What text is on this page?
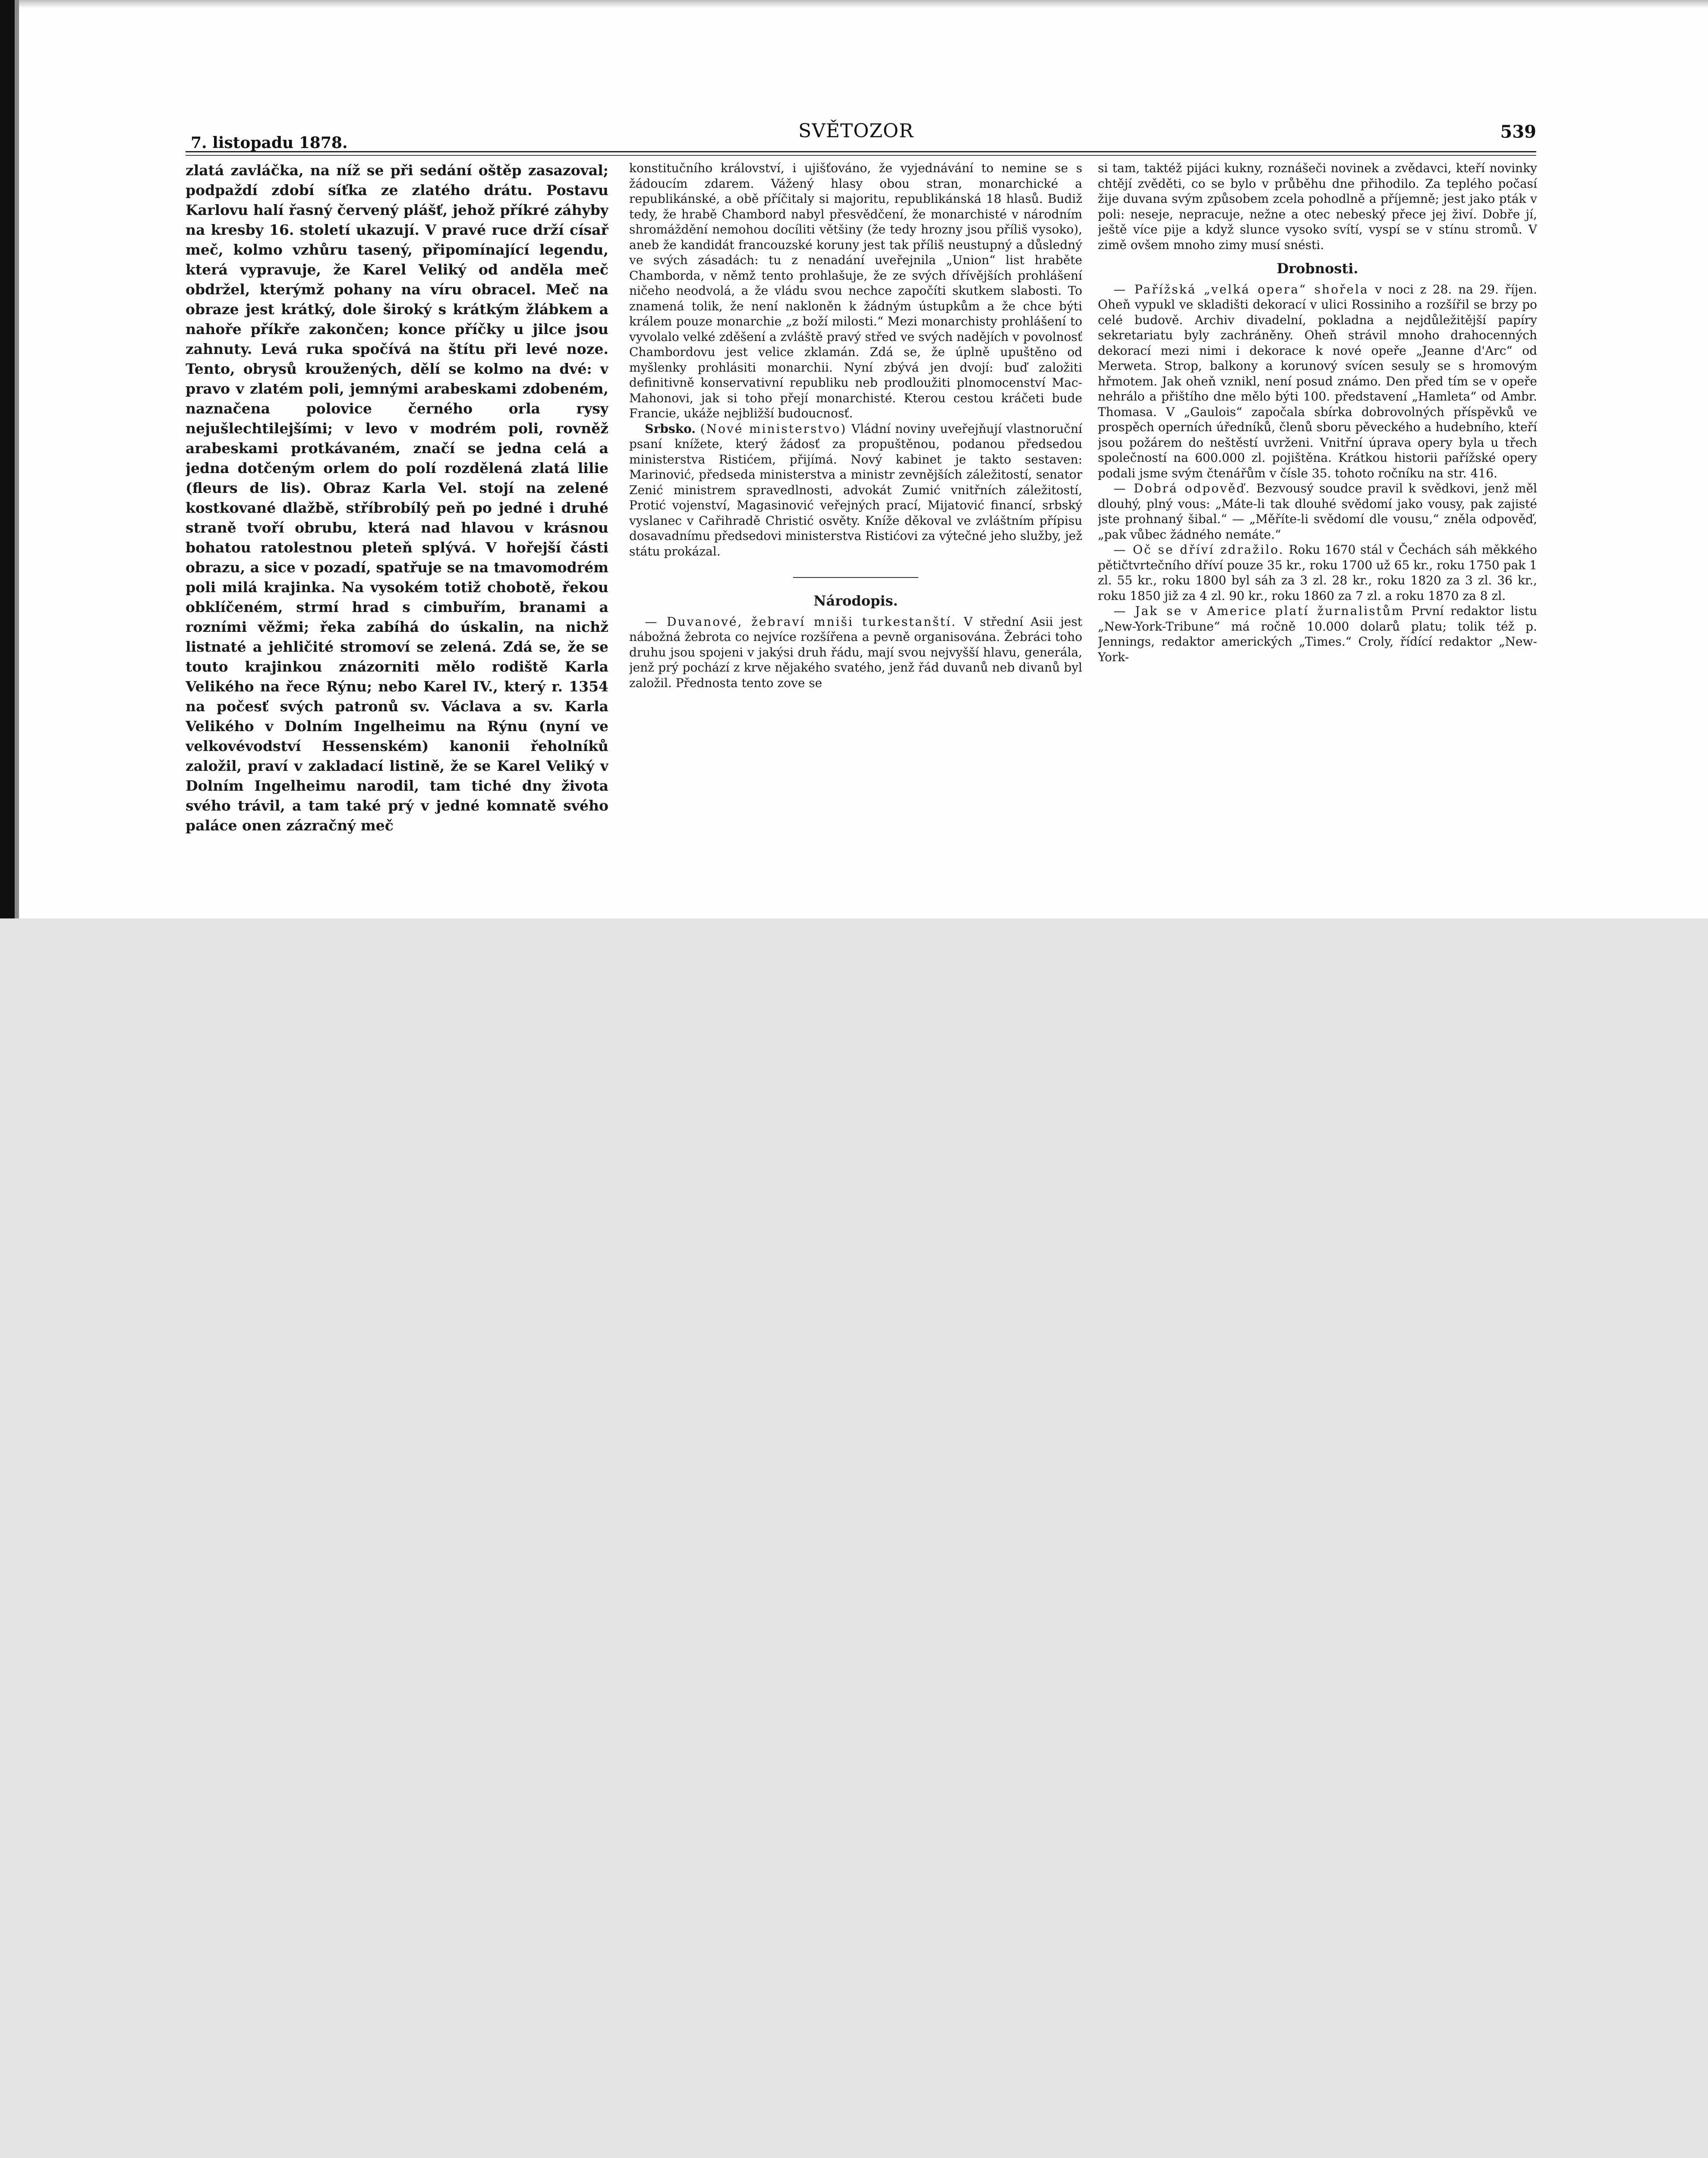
7. listopadu 1878.
SVĚTOZOR	539

zlatá zavláčka, na níž se při sedání oštěp zasazoval; podpaždí zdobí síťka ze zlatého drátu. Postavu Karlovu halí řasný červený plášť, jehož příkré záhyby na kresby 16. století ukazují. V pravé ruce drží císař meč, kolmo vzhůru tasený, připomínající legendu, která vypravuje, že Karel Veliký od anděla meč obdržel, kterýmž pohany na víru obracel. Meč na obraze jest krátký, dole široký s krátkým žlábkem a nahoře příkře zakončen; konce příčky u jilce jsou zahnuty. Levá ruka spočívá na štítu při levé noze. Tento, obrysů kroužených, dělí se kolmo na dvé: v pravo v zlatém poli, jemnými arabeskami zdobeném, naznačena polovice černého orla rysy nejušlechtilejšími; v levo v modrém poli, rovněž arabeskami protkávaném, značí se jedna celá a jedna dotčeným orlem do polí rozdělená zlatá lilie (fleurs de lis). Obraz Karla Vel. stojí na zelené kostkované dlažbě, stříbrobílý peň po jedné i druhé straně tvoří obrubu, která nad hlavou v krásnou bohatou ratolestnou pleteň splývá. V hořejší části obrazu, a sice v pozadí, spatřuje se na tmavomodrém poli milá krajinka. Na vysokém totiž chobotě, řekou obklíčeném, strmí hrad s cimbuřím, branami a rozními věžmi; řeka zabíhá do úskalin, na nichž listnaté a jehličité stromoví se zelená. Zdá se, že se touto krajinkou znázorniti mělo rodiště Karla Velikého na řece Rýnu; nebo Karel IV., který r. 1354 na počesť svých patronů sv. Václava a sv. Karla Velikého v Dolním Ingelheimu na Rýnu (nyní ve velkovévodství Hessenském) kanonii řeholníků založil, praví v zakladací listině, že se Karel Veliký v Dolním Ingelheimu narodil, tam tiché dny života svého trávil, a tam také prý v jedné komnatě svého paláce onen zázračný meč

konstitučního království, i ujišťováno, že vyjednávání to nemine se s žádoucím zdarem. Vážený hlasy obou stran, monarchické a republikánské, a obě příčitaly si majoritu, republikánská 18 hlasů. Budiž tedy, že hrabě Chambord nabyl přesvědčení, že monarchisté v národním shromáždění nemohou docíliti většiny (že tedy hrozny jsou příliš vysoko), aneb že kandidát francouzské koruny jest tak příliš neustupný a důsledný ve svých zásadách: tu z nenadání uveřejnila „Union“ list hraběte Chamborda, v němž tento prohlašuje, že ze svých dřívějších prohlášení ničeho neodvolá, a že vládu svou nechce započíti skutkem slabosti. To znamená tolik, že není nakloněn k žádným ústupkům a že chce býti králem pouze monarchie „z boží milosti.“ Mezi monarchisty prohlášení to vyvolalo velké zděšení a zvláště pravý střed ve svých nadějích v povolnosť Chambordovu jest velice zklamán. Zdá se, že úplně upuštěno od myšlenky prohlásiti monarchii. Nyní zbývá jen dvojí: buď založiti definitivně konservativní republiku neb prodloužiti plnomocenství Mac-Mahonovi, jak si toho přejí monarchisté. Kterou cestou kráčeti bude Francie, ukáže nejbližší budoucnosť.

Srbsko. (Nové ministerstvo) Vládní noviny uveřejňují vlastnoruční psaní knížete, který žádosť za propuštěnou, podanou předsedou ministerstva Ristićem, přijímá. Nový kabinet je takto sestaven: Marinović, předseda ministerstva a ministr zevnějších záležitostí, senator Zenić ministrem spravedlnosti, advokát Zumić vnitřních záležitostí, Protić vojenství, Magasinović veřejných prací, Mijatović financí, srbský vyslanec v Cařihradě Christić osvěty. Kníže děkoval ve zvláštním přípisu dosavadnímu předsedovi ministerstva Ristićovi za výtečné jeho služby, jež státu prokázal.

Národopis.

— Duvanové, žebraví mniši turkestanští. V střední Asii jest nábožná žebrota co nejvíce rozšířena a pevně organisována. Žebráci toho druhu jsou spojeni v jakýsi druh řádu, mají svou nejvyšší hlavu, generála, jenž prý pochází z krve nějakého svatého, jenž řád duvanů neb divanů byl založil. Přednosta tento zove se

si tam, taktéž pijáci kukny, roznášeči novinek a zvědavci, kteří novinky chtějí zvěděti, co se bylo v průběhu dne přihodilo. Za teplého počasí žije duvana svým způsobem zcela pohodlně a příjemně; jest jako pták v poli: neseje, nepracuje, nežne a otec nebeský přece jej živí. Dobře jí, ještě více pije a když slunce vysoko svítí, vyspí se v stínu stromů. V zimě ovšem mnoho zimy musí snésti.

Drobnosti.

— Pařížská „velká opera“ shořela v noci z 28. na 29. říjen. Oheň vypukl ve skladišti dekorací v ulici Rossiniho a rozšířil se brzy po celé budově. Archiv divadelní, pokladna a nejdůležitější papíry sekretariatu byly zachráněny. Oheň strávil mnoho drahocenných dekorací mezi nimi i dekorace k nové opeře „Jeanne d'Arc“ od Merweta. Strop, balkony a korunový svícen sesuly se s hromovým hřmotem. Jak oheň vznikl, není posud známo. Den před tím se v opeře nehrálo a přištího dne mělo býti 100. představení „Hamleta“ od Ambr. Thomasa. V „Gaulois“ započala sbírka dobrovolných příspěvků ve prospěch operních úředníků, členů sboru pěveckého a hudebního, kteří jsou požárem do neštěstí uvrženi. Vnitřní úprava opery byla u třech společností na 600.000 zl. pojištěna. Krátkou historii pařížské opery podali jsme svým čtenářům v čísle 35. tohoto ročníku na str. 416.

— Dobrá odpověď. Bezvousý soudce pravil k svědkovi, jenž měl dlouhý, plný vous: „Máte-li tak dlouhé svědomí jako vousy, pak zajisté jste prohnaný šibal.“ — „Měříte-li svědomí dle vousu,“ zněla odpověď, „pak vůbec žádného nemáte.“

— Oč se dříví zdražilo. Roku 1670 stál v Čechách sáh měkkého pětičtvrtečního dříví pouze 35 kr., roku 1700 už 65 kr., roku 1750 pak 1 zl. 55 kr., roku 1800 byl sáh za 3 zl. 28 kr., roku 1820 za 3 zl. 36 kr., roku 1850 již za 4 zl. 90 kr., roku 1860 za 7 zl. a roku 1870 za 8 zl.

— Jak se v Americe platí žurnalistům První redaktor listu „New-York-Tribune“ má ročně 10.000 dolarů platu; tolik též p. Jennings, redaktor amerických „Times.“ Croly, řídící redaktor „New-York-
